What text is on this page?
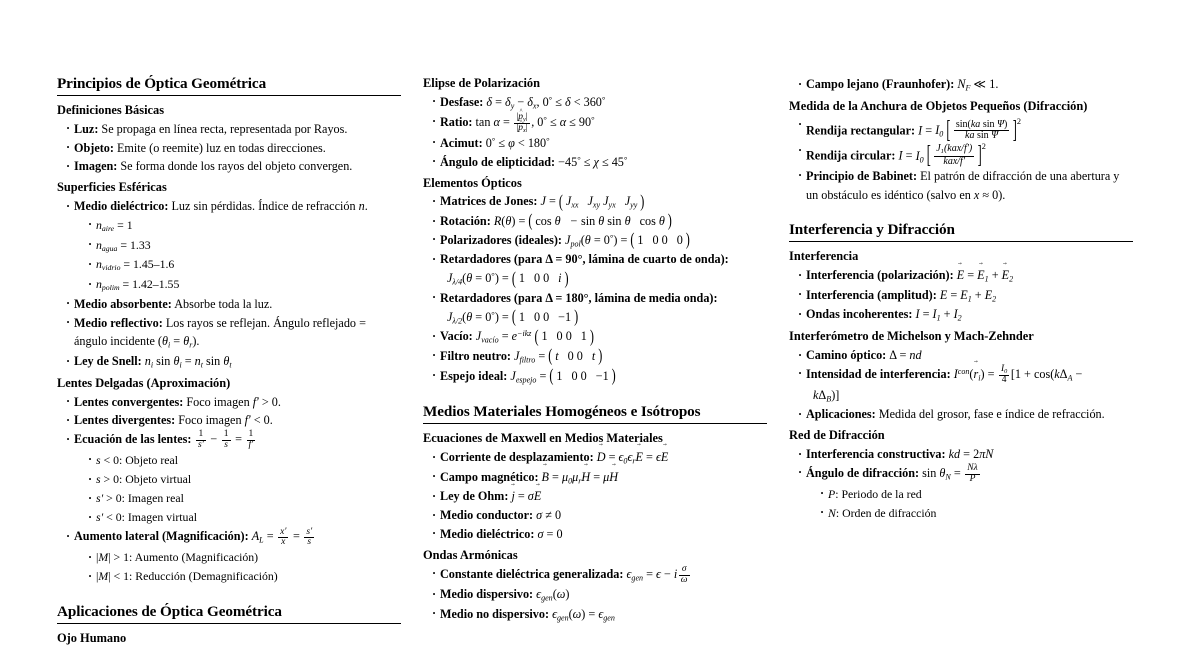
Principios de Óptica Geométrica
Definiciones Básicas
· Luz: Se propaga en línea recta, representada por Rayos.
· Objeto: Emite (o reemite) luz en todas direcciones.
· Imagen: Se forma donde los rayos del objeto convergen.
Superficies Esféricas
· Medio dieléctrico: Luz sin pérdidas. Índice de refracción n.
· $n_{aire} = 1$
· $n_{agua} = 1.33$
· $n_{vidrio} = 1.45-1.6$
· $n_{polim} = 1.42-1.55$
· Medio absorbente: Absorbe toda la luz.
· Medio reflectivo: Los rayos se reflejan. Ángulo reflejado = ángulo incidente $(\theta_i = \theta_r)$.
· Ley de Snell: $n_i$ $\sin \theta_i = n_t$ $\sin \theta_t$
Lentes Delgadas (Aproximación)
· Lentes convergentes: Foco imagen f′ > 0.
· Lentes divergentes: Foco imagen f′ < 0.
· Ecuación de las lentes: $\frac{1}{s'} - \frac{1}{s} = \frac{1}{f'}$
· s < 0: Objeto real
· s > 0: Objeto virtual
· s′ > 0: Imagen real
· s′ < 0: Imagen virtual
· Aumento lateral (Magnificación): $A_L = \frac{x'}{x} = \frac{s'}{s}$
· |M| > 1: Aumento (Magnificación)
· |M| < 1: Reducción (Demagnificación)
Aplicaciones de Óptica Geométrica
Ojo Humano
Elipse de Polarización
· Desfase: $\delta = \delta_y - \delta_x$, 0° ≤ δ < 360°
· Ratio: $\tan \alpha = \frac{|p \^{}_y|}{|p \^{}_x|}$ , 0° ≤ α ≤ 90°
· Acimut: 0° ≤ φ < 180°
· Ángulo de elipticidad: −45° ≤ χ ≤ 45°
Elementos Ópticos
· Matrices de Jones: J = ( $J_{xx}$ $J_{xy}$ $J_{yx}$ $J_{yy}$ )
· Rotación: R(θ) = ( cos θ − sin θ sin θ cos θ )
· Polarizadores (ideales): $J_{pol}(\theta = 0^\circ)$ = ( 1 0 0 0 )
· Retardadores (para Δ = 90°, lámina de cuarto de onda):
$J_{\lambda/4}(\theta = 0^\circ)$ = ( 1 0 0 i )
· Retardadores (para Δ = 180°, lámina de media onda):
$J_{\lambda/2}(\theta = 0^\circ)$ = ( 1 0 0 −1 )
· Vacío: $J_{vacío} = e^{-ikz}$ ( 1 0 0 1 )
· Filtro neutro: $J_{filtro}$ = ( t 0 0 t )
· Espejo ideal: $J_{espejo}$ = ( 1 0 0 −1 )
Medios Materiales Homogéneos e Isótropos
Ecuaciones de Maxwell en Medios Materiales
· Corriente de desplazamiento: D → = $\epsilon_0\epsilon_rE$ → = ϵE →
· Campo magnético: B → = $\mu_0\mu_rH$ → = μH →
· Ley de Ohm: j → = σE →
· Medio conductor: σ ≠ 0
· Medio dieléctrico: σ = 0
Ondas Armónicas
· Constante dieléctrica generalizada: $\epsilon_{gen} = \epsilon - i \frac{\sigma}{\omega}$
· Medio dispersivo: $\epsilon_{gen}(\omega)$
· Medio no dispersivo: $\epsilon_{gen}(\omega) = \epsilon_{gen}$
· Campo lejano (Fraunhofer): $N_F$ ≪ 1.
Medida de la Anchura de Objetos Pequeños (Difracción)
· Rendija rectangular: $I = I_0$ [ $\frac{\text{sin(ka sin Ψ)}}{\text{ka sin Ψ}}$
] $^2$
· Rendija circular: $I = I_0$ [ $\frac{J_1(kax/f')}{\text{kax/f′}}$
] $^2$
· Principio de Babinet: El patrón de difracción de una abertura y un obstáculo es idéntico (salvo en x ≈ 0).
Interferencia y Difracción
Interferencia
· Interferencia (polarización): E → = $E \to_1 + E \to_2$
· Interferencia (amplitud): $E = E_1 + E_2$
· Ondas incoherentes: $I = I_1 + I_2$
Interferómetro de Michelson y Mach-Zehnder
· Camino óptico: Δ = nd
· Intensidad de interferencia: $I^{con}(r \to_i) = \frac{I_0}{4} [1 + \cos(k\Delta_A$ −
$k\Delta_B$)]
· Aplicaciones: Medida del grosor, fase e índice de refracción.
Red de Difracción
· Interferencia constructiva: kd = 2πN
· Ángulo de difracción: $\sin \theta_N = \frac{N\lambda}{P}$
· P: Periodo de la red
· N: Orden de difracción
